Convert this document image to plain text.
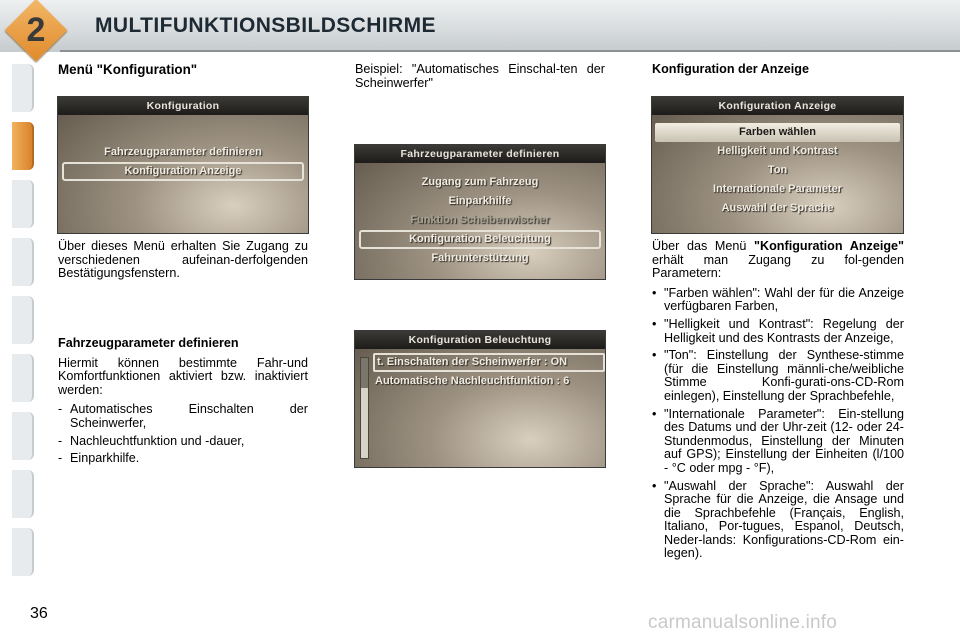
2	MULTIFUNKTIONSBILDSCHIRME
Menü "Konfiguration"
Konfiguration
Fahrzeugparameter definieren
Konfiguration Anzeige

Über dieses Menü erhalten Sie Zugang zu verschiedenen aufeinan-derfolgenden Bestätigungsfenstern.

Fahrzeugparameter definieren

Hiermit können bestimmte Fahr-und Komfortfunktionen aktiviert bzw. inaktiviert werden:

- Automatisches Einschalten der Scheinwerfer,
- Nachleuchtfunktion und -dauer,
- Einparkhilfe.

Beispiel: "Automatisches Einschal-ten der Scheinwerfer"

Fahrzeugparameter definieren
Zugang zum Fahrzeug
Einparkhilfe
Funktion Scheibenwischer
Konfiguration Beleuchtung
Fahrunterstützung
Konfiguration Beleuchtung
t. Einschalten der Scheinwerfer : ON
Automatische Nachleuchtfunktion : 6
Konfiguration der Anzeige
Konfiguration Anzeige
Farben wählen
Helligkeit und Kontrast
Ton
Internationale Parameter
Auswahl der Sprache

Über das Menü "Konfiguration Anzeige" erhält man Zugang zu fol-genden Parametern:

• "Farben wählen": Wahl der für die Anzeige verfügbaren Farben,
• "Helligkeit und Kontrast": Regelung der Helligkeit und des Kontrasts der Anzeige,
• "Ton": Einstellung der Synthese-stimme (für die Einstellung männli-che/weibliche Stimme Konfi-gurati-ons-CD-Rom einlegen), Einstellung der Sprachbefehle,
• "Internationale Parameter": Ein-stellung des Datums und der Uhr-zeit (12- oder 24-Stundenmodus, Einstellung der Minuten auf GPS); Einstellung der Einheiten (l/100 - °C oder mpg - °F),
• "Auswahl der Sprache": Auswahl der Sprache für die Anzeige, die Ansage und die Sprachbefehle (Français, English, Italiano, Por-tugues, Espanol, Deutsch, Neder-lands: Konfigurations-CD-Rom ein-legen).
36	carmanualsonline.info
